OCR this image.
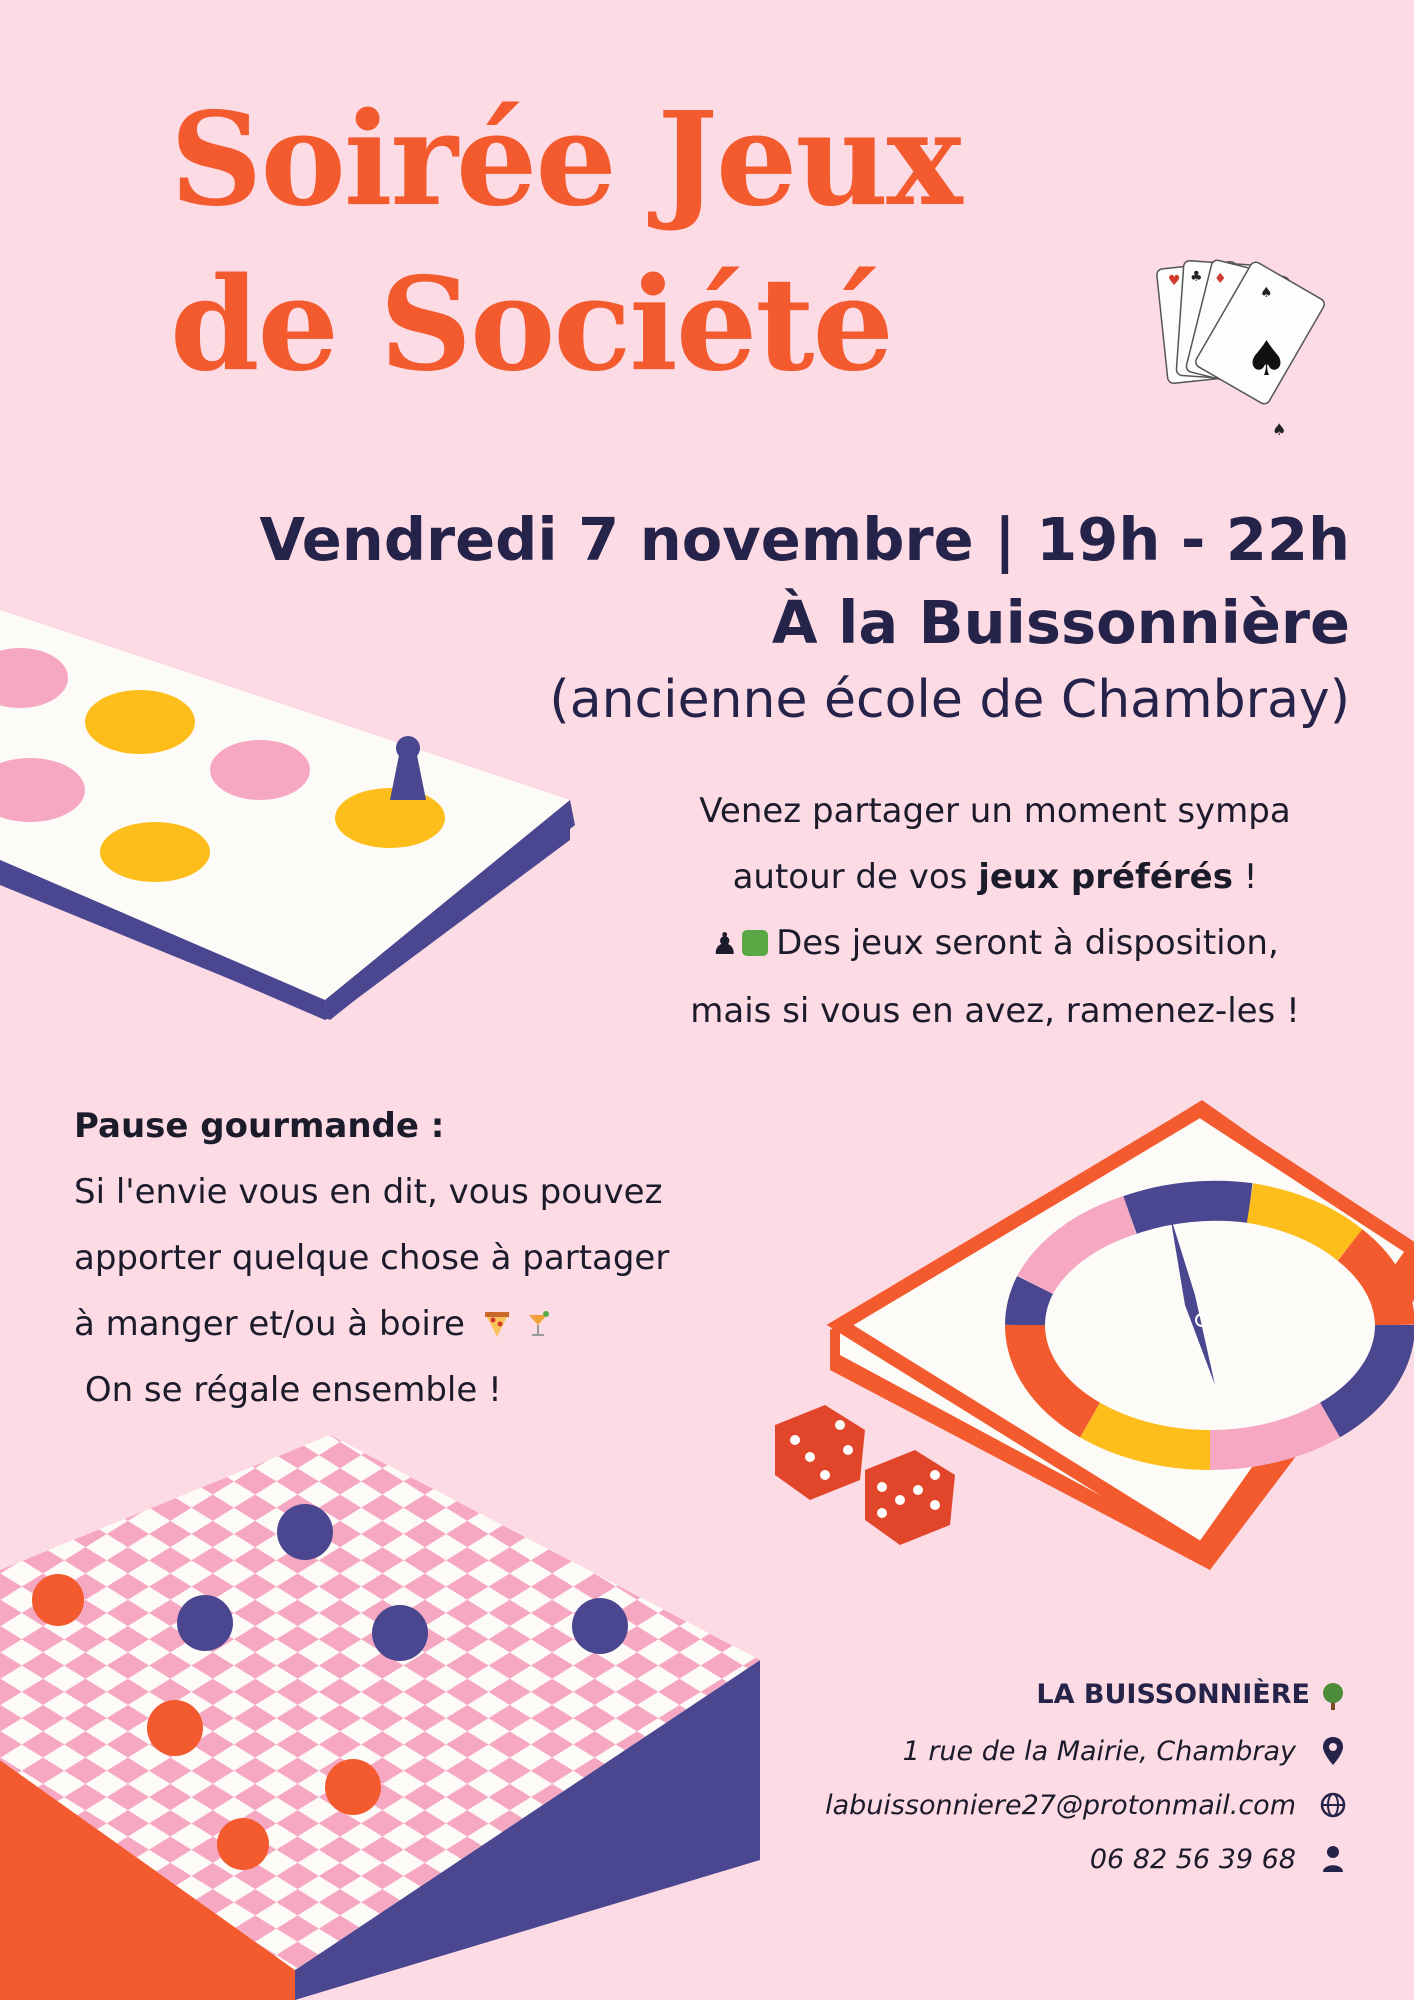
Soirée Jeux
de Société	♥ ♣ ♦
♠
♠
♠
Vendredi 7 novembre | 19h - 22h
À la Buissonnière
(ancienne école de Chambray)
Venez partager un moment sympa
autour de vos jeux préférés !
♟ Des jeux seront à disposition,
mais si vous en avez, ramenez-les !
Pause gourmande :
Si l'envie vous en dit, vous pouvez
apporter quelque chose à partager
à manger et/ou à boire
On se régale ensemble !
LA BUISSONNIÈRE
1 rue de la Mairie, Chambray
labuissonniere27@protonmail.com
06 82 56 39 68
